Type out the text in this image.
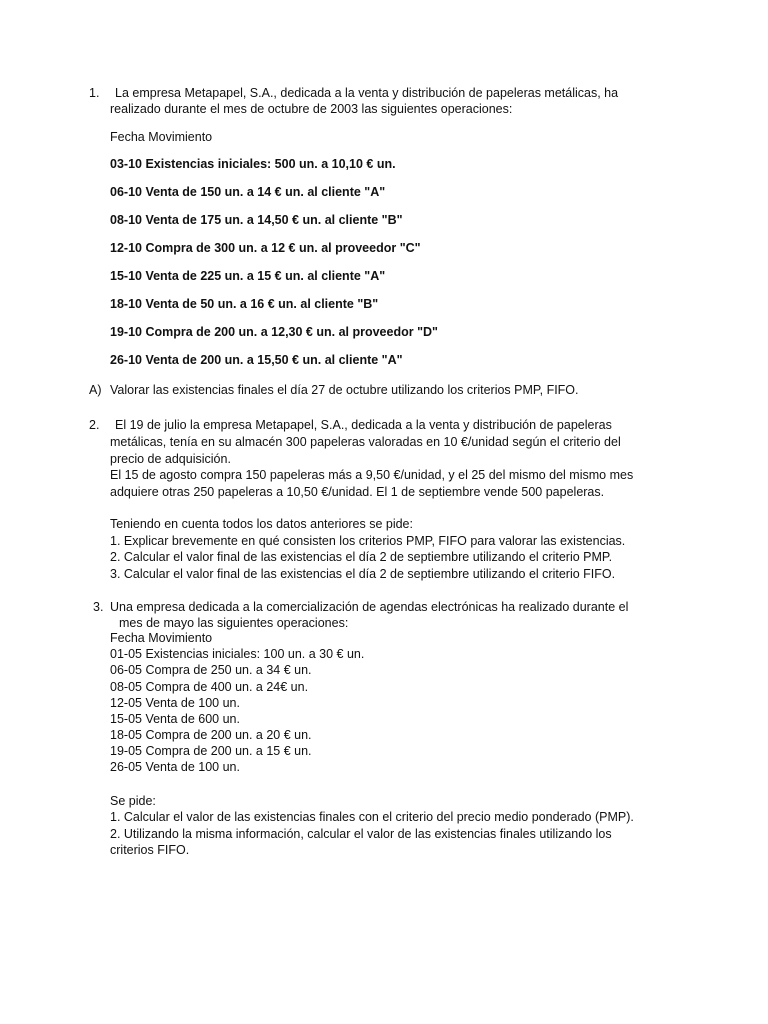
1. La empresa Metapapel, S.A., dedicada a la venta y distribución de papeleras metálicas, ha
realizado durante el mes de octubre de 2003 las siguientes operaciones:
Fecha Movimiento
03-10 Existencias iniciales: 500 un. a 10,10 € un.
06-10 Venta de 150 un. a 14 € un. al cliente "A"
08-10 Venta de 175 un. a 14,50 € un. al cliente "B"
12-10 Compra de 300 un. a 12 € un. al proveedor "C"
15-10 Venta de 225 un. a 15 € un. al cliente "A"
18-10 Venta de 50 un. a 16 € un. al cliente "B"
19-10 Compra de 200 un. a 12,30 € un. al proveedor "D"
26-10 Venta de 200 un. a 15,50 € un. al cliente "A"
A) Valorar las existencias finales el día 27 de octubre utilizando los criterios PMP, FIFO.
2. El 19 de julio la empresa Metapapel, S.A., dedicada a la venta y distribución de papeleras
metálicas, tenía en su almacén 300 papeleras valoradas en 10 €/unidad según el criterio del
precio de adquisición.
El 15 de agosto compra 150 papeleras más a 9,50 €/unidad, y el 25 del mismo del mismo mes
adquiere otras 250 papeleras a 10,50 €/unidad. El 1 de septiembre vende 500 papeleras.
Teniendo en cuenta todos los datos anteriores se pide:
1. Explicar brevemente en qué consisten los criterios PMP, FIFO para valorar las existencias.
2. Calcular el valor final de las existencias el día 2 de septiembre utilizando el criterio PMP.
3. Calcular el valor final de las existencias el día 2 de septiembre utilizando el criterio FIFO.
3. Una empresa dedicada a la comercialización de agendas electrónicas ha realizado durante el
mes de mayo las siguientes operaciones:
Fecha Movimiento
01-05 Existencias iniciales: 100 un. a 30 € un.
06-05 Compra de 250 un. a 34 € un.
08-05 Compra de 400 un. a 24€ un.
12-05 Venta de 100 un.
15-05 Venta de 600 un.
18-05 Compra de 200 un. a 20 € un.
19-05 Compra de 200 un. a 15 € un.
26-05 Venta de 100 un.
Se pide:
1. Calcular el valor de las existencias finales con el criterio del precio medio ponderado (PMP).
2. Utilizando la misma información, calcular el valor de las existencias finales utilizando los
criterios FIFO.
